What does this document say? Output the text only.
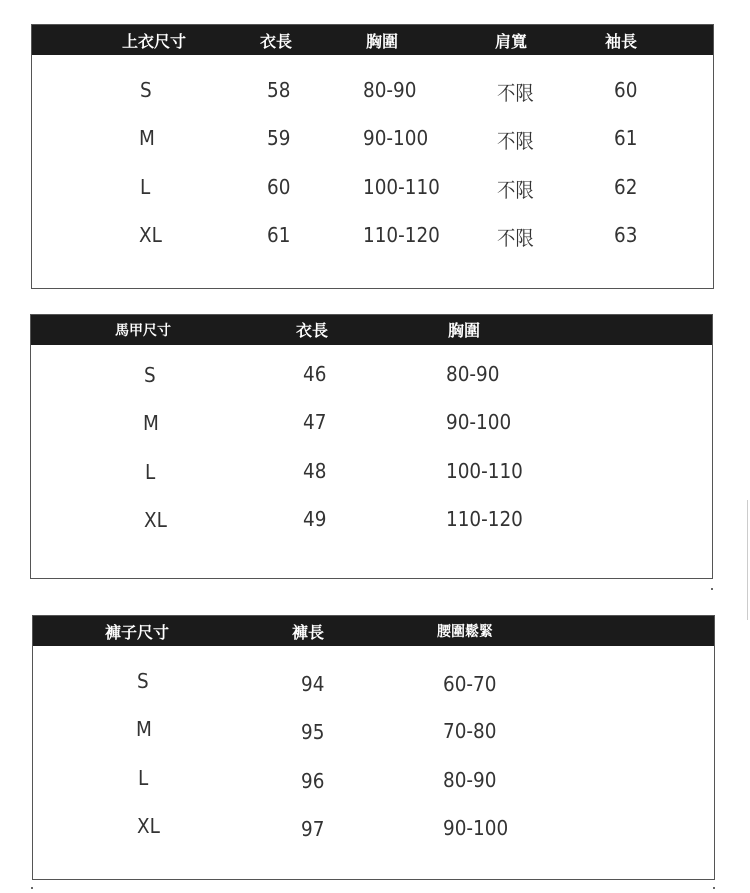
上衣尺寸	衣長	胸圍	肩寬	袖長
S	58	80-90	不限	60
M	59	90-100	不限	61
L	60	100-110	不限	62
XL	61	110-120	不限	63
馬甲尺寸	衣長	胸圍
S	46	80-90
M	47	90-100
L	48	100-110
XL	49	110-120
褲子尺寸	褲長	腰圍鬆緊
S	94	60-70
M	95	70-80
L	96	80-90
XL	97	90-100
